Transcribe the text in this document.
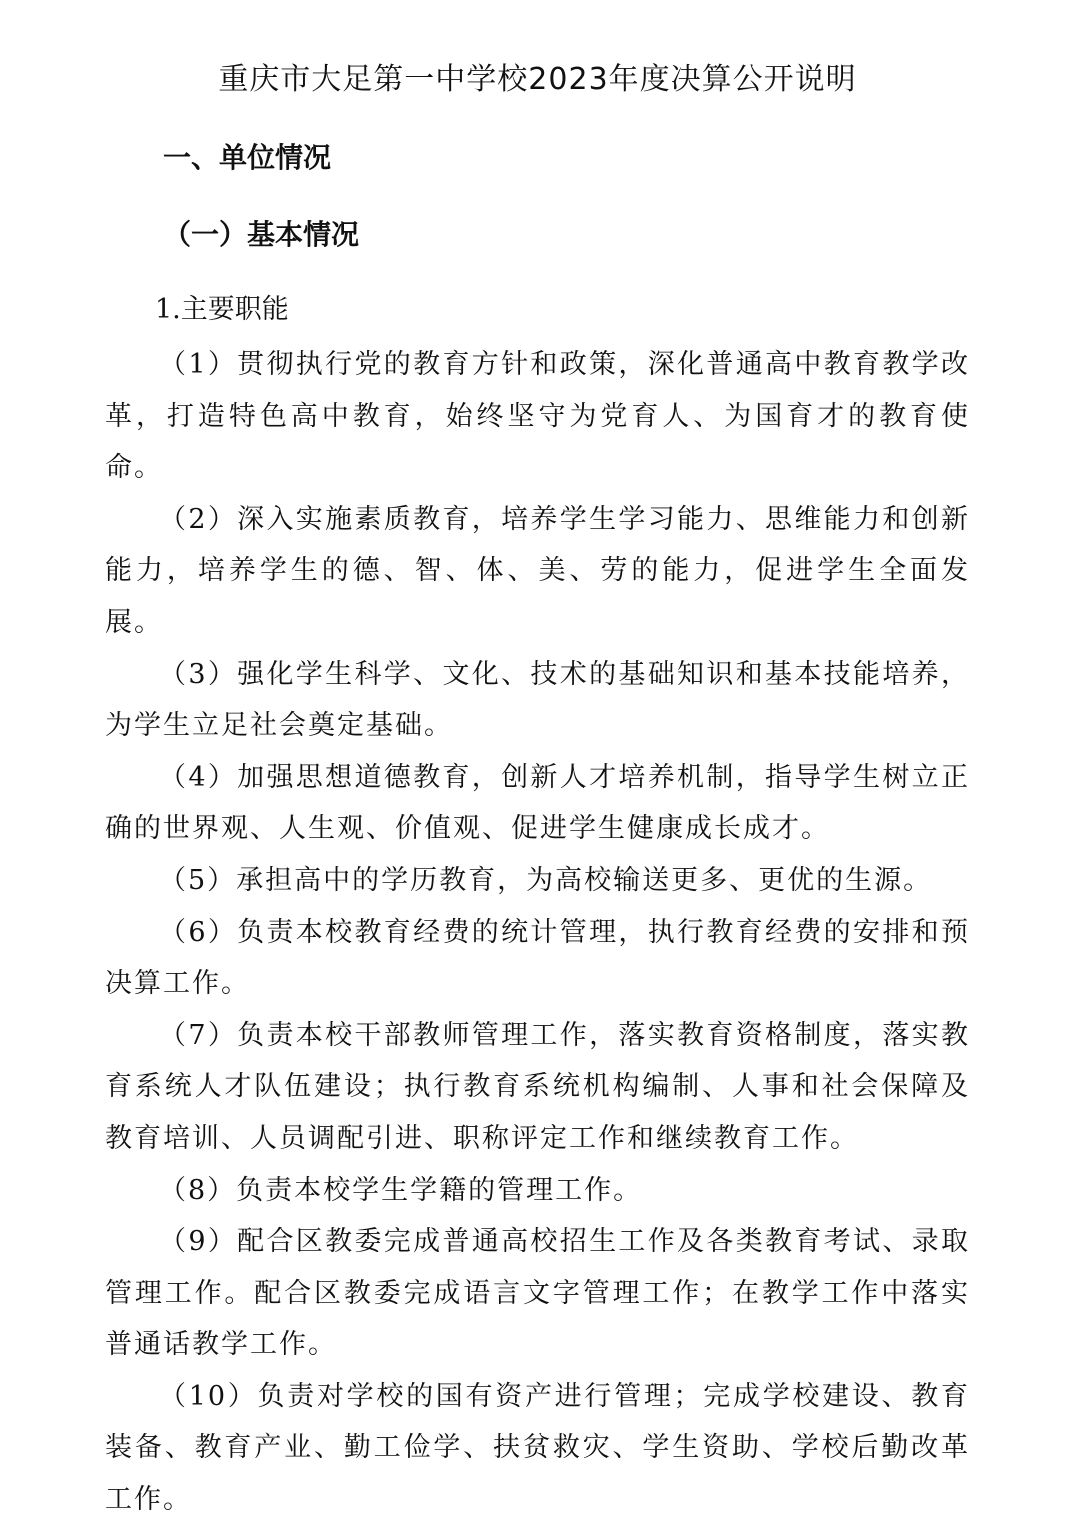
重庆市大足第一中学校2023年度决算公开说明
一、单位情况
（一）基本情况
1.主要职能

（1）贯彻执行党的教育方针和政策，深化普通高中教育教学改革，打造特色高中教育，始终坚守为党育人、为国育才的教育使命。

（2）深入实施素质教育，培养学生学习能力、思维能力和创新能力，培养学生的德、智、体、美、劳的能力，促进学生全面发展。

（3）强化学生科学、文化、技术的基础知识和基本技能培养，为学生立足社会奠定基础。

（4）加强思想道德教育，创新人才培养机制，指导学生树立正确的世界观、人生观、价值观、促进学生健康成长成才。

（5）承担高中的学历教育，为高校输送更多、更优的生源。

（6）负责本校教育经费的统计管理，执行教育经费的安排和预决算工作。

（7）负责本校干部教师管理工作，落实教育资格制度，落实教育系统人才队伍建设；执行教育系统机构编制、人事和社会保障及教育培训、人员调配引进、职称评定工作和继续教育工作。

（8）负责本校学生学籍的管理工作。

（9）配合区教委完成普通高校招生工作及各类教育考试、录取管理工作。配合区教委完成语言文字管理工作；在教学工作中落实普通话教学工作。

（10）负责对学校的国有资产进行管理；完成学校建设、教育装备、教育产业、勤工俭学、扶贫救灾、学生资助、学校后勤改革工作。
